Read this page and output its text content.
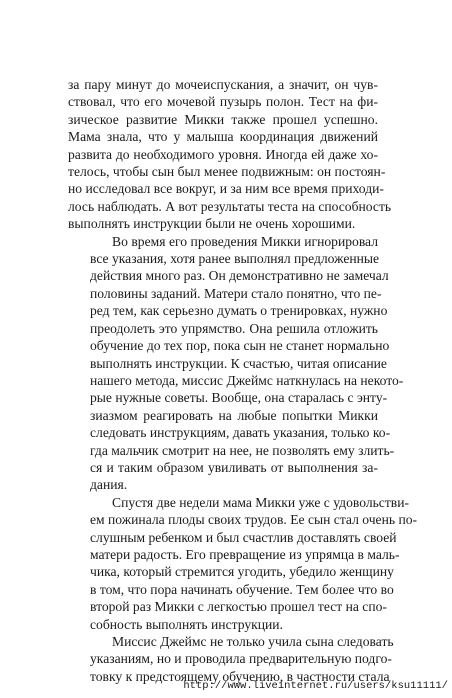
за пару минут до мочеиспускания, а значит, он чув-
ствовал, что его мочевой пузырь полон. Тест на фи-
зическое развитие Микки также прошел успешно.
Мама знала, что у малыша координация движений
развита до необходимого уровня. Иногда ей даже хо-
телось, чтобы сын был менее подвижным: он постоян-
но исследовал все вокруг, и за ним все время приходи-
лось наблюдать. А вот результаты теста на способность
выполнять инструкции были не очень хорошими.
Во время его проведения Микки игнорировал
все указания, хотя ранее выполнял предложенные
действия много раз. Он демонстративно не замечал
половины заданий. Матери стало понятно, что пе-
ред тем, как серьезно думать о тренировках, нужно
преодолеть это упрямство. Она решила отложить
обучение до тех пор, пока сын не станет нормально
выполнять инструкции. К счастью, читая описание
нашего метода, миссис Джеймс наткнулась на некото-
рые нужные советы. Вообще, она старалась с энту-
зиазмом реагировать на любые попытки Микки
следовать инструкциям, давать указания, только ко-
гда мальчик смотрит на нее, не позволять ему злить-
ся и таким образом увиливать от выполнения за-
дания.
Спустя две недели мама Микки уже с удовольстви-
ем пожинала плоды своих трудов. Ее сын стал очень по-
слушным ребенком и был счастлив доставлять своей
матери радость. Его превращение из упрямца в маль-
чика, который стремится угодить, убедило женщину
в том, что пора начинать обучение. Тем более что во
второй раз Микки с легкостью прошел тест на спо-
собность выполнять инструкции.
Миссис Джеймс не только учила сына следовать
указаниям, но и проводила предварительную подго-
товку к предстоящему обучению, в частности стала
http://www.liveinternet.ru/users/ksu11111/
